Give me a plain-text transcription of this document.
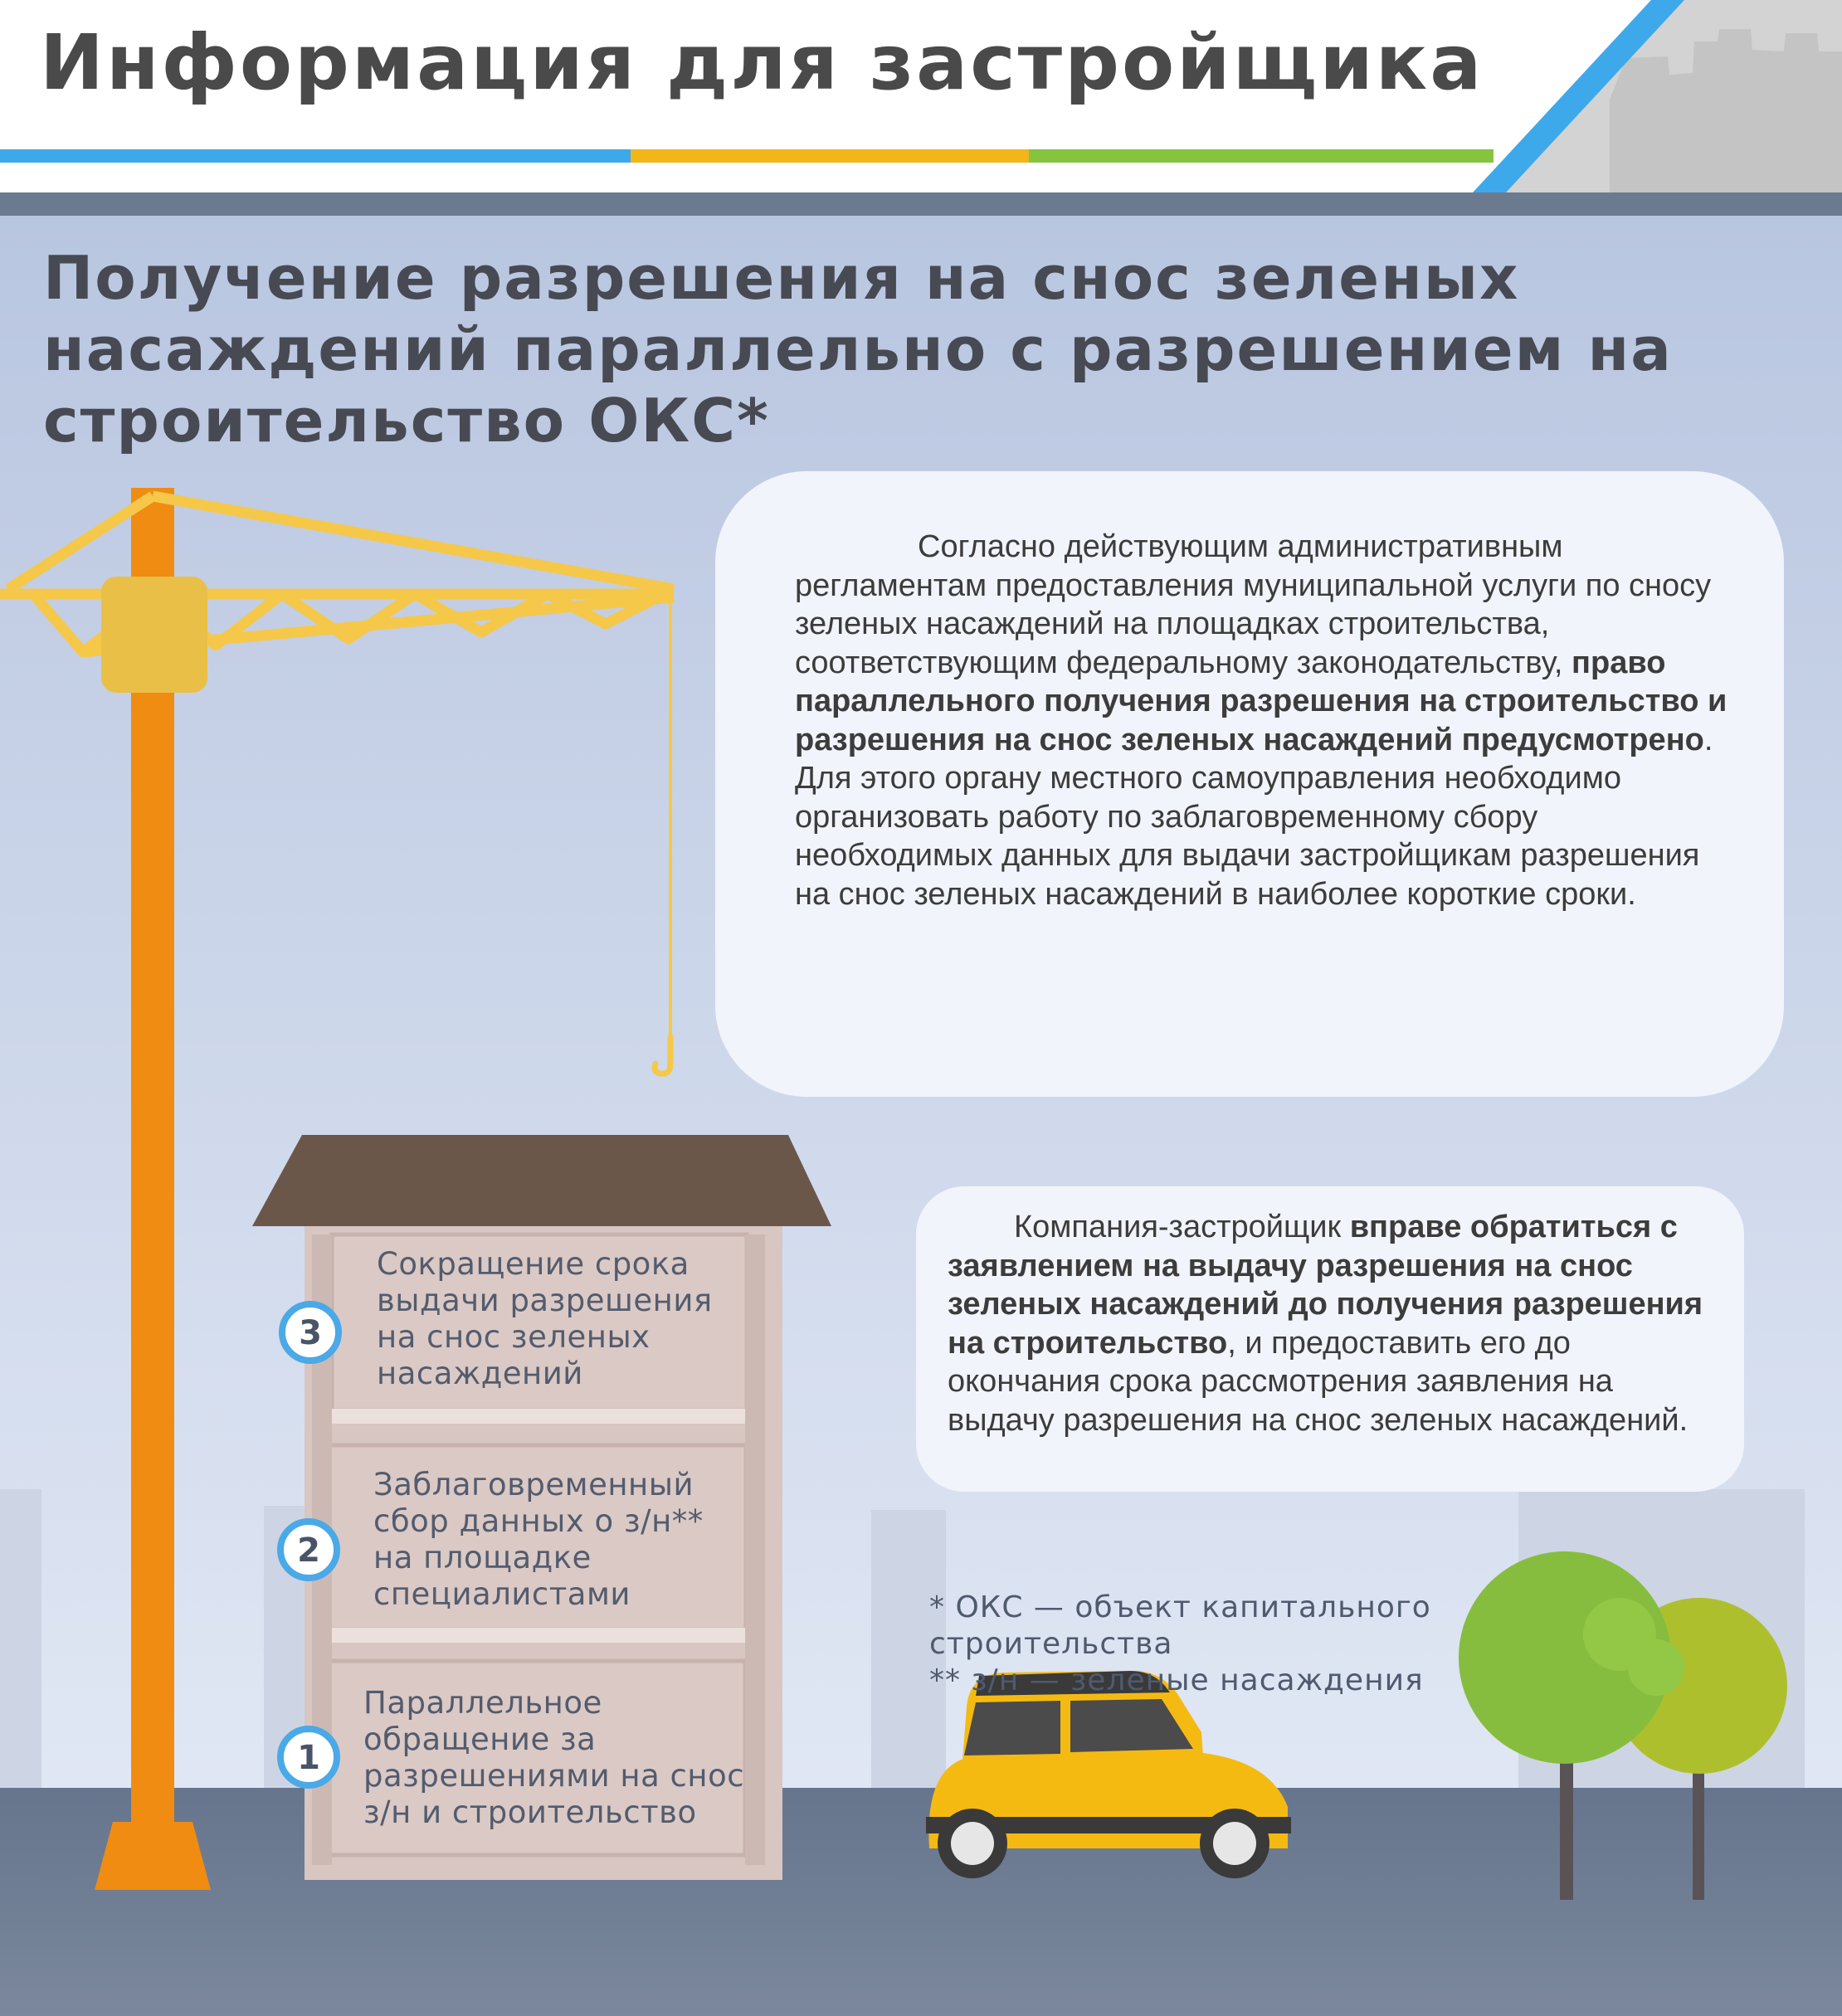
3
2
1
Информация для застройщика
Получение разрешения на снос зеленых
насаждений параллельно с разрешением на
строительство ОКС*
Согласно действующим административным регламентам предоставления муниципальной услуги по сносу зеленых насаждений на площадках строительства, соответствующим федеральному законодательству, право параллельного получения разрешения на строительство и разрешения на снос зеленых насаждений предусмотрено. Для этого органу местного самоуправления необходимо организовать работу по заблаговременному сбору необходимых данных для выдачи застройщикам разрешения на снос зеленых насаждений в наиболее короткие сроки.
Компания-застройщик вправе обратиться с заявлением на выдачу разрешения на снос зеленых насаждений до получения разрешения на строительство, и предоставить его до окончания срока рассмотрения заявления на выдачу разрешения на снос зеленых насаждений.
* ОКС — объект капитального
строительства
** з/н — зеленые насаждения
Сокращение срока
выдачи разрешения
на снос зеленых
насаждений
Заблаговременный
сбор данных о з/н**
на площадке
специалистами
Параллельное
обращение за
разрешениями на снос
з/н и строительство
